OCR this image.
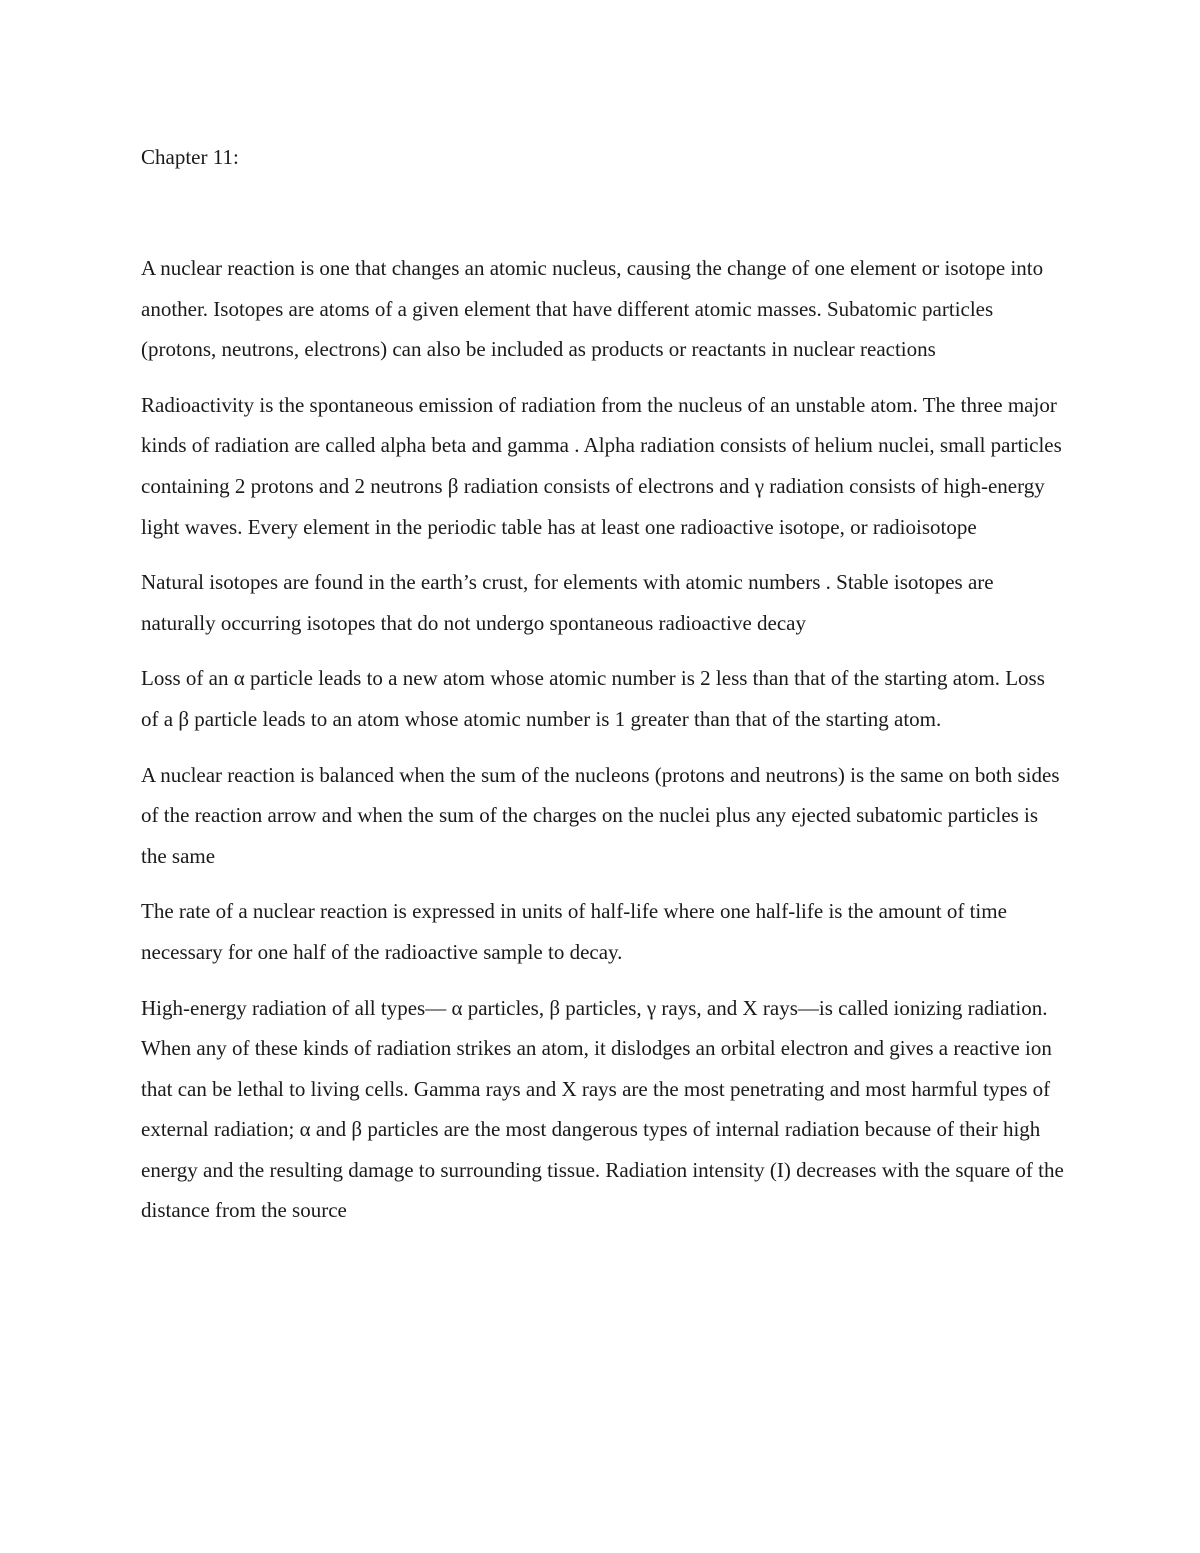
Chapter 11:

A nuclear reaction is one that changes an atomic nucleus, causing the change of one element or isotope into another. Isotopes are atoms of a given element that have different atomic masses. Subatomic particles (protons, neutrons, electrons) can also be included as products or reactants in nuclear reactions

Radioactivity is the spontaneous emission of radiation from the nucleus of an unstable atom. The three major kinds of radiation are called alpha beta and gamma . Alpha radiation consists of helium nuclei, small particles containing 2 protons and 2 neutrons β radiation consists of electrons and γ radiation consists of high-energy light waves. Every element in the periodic table has at least one radioactive isotope, or radioisotope

Natural isotopes are found in the earth’s crust, for elements with atomic numbers . Stable isotopes are naturally occurring isotopes that do not undergo spontaneous radioactive decay

Loss of an α particle leads to a new atom whose atomic number is 2 less than that of the starting atom. Loss of a β particle leads to an atom whose atomic number is 1 greater than that of the starting atom.

A nuclear reaction is balanced when the sum of the nucleons (protons and neutrons) is the same on both sides of the reaction arrow and when the sum of the charges on the nuclei plus any ejected subatomic particles is the same

The rate of a nuclear reaction is expressed in units of half-life where one half-life is the amount of time necessary for one half of the radioactive sample to decay.

High-energy radiation of all types— α particles, β particles, γ rays, and X rays—is called ionizing radiation. When any of these kinds of radiation strikes an atom, it dislodges an orbital electron and gives a reactive ion that can be lethal to living cells. Gamma rays and X rays are the most penetrating and most harmful types of external radiation; α and β particles are the most dangerous types of internal radiation because of their high energy and the resulting damage to surrounding tissue. Radiation intensity (I) decreases with the square of the distance from the source
